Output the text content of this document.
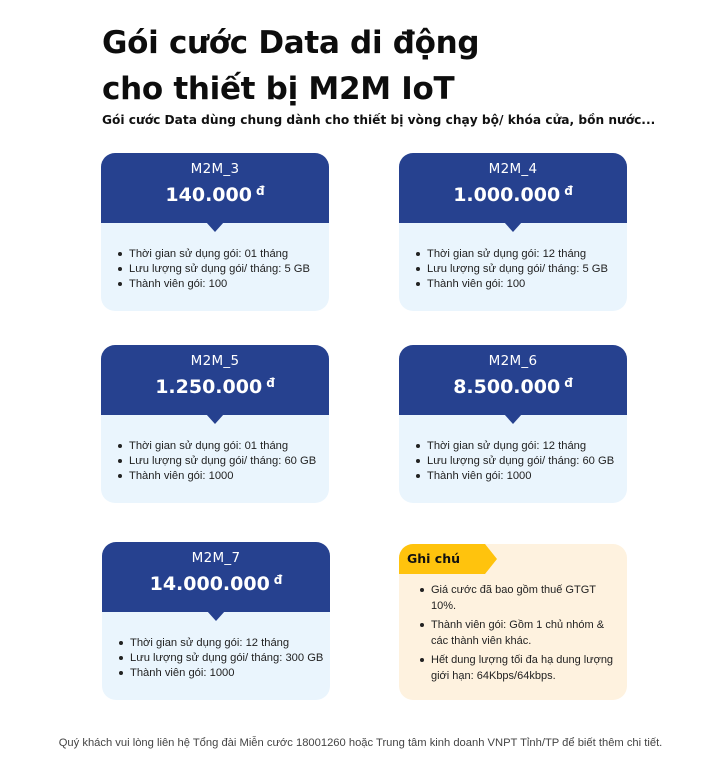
Gói cước Data di động
cho thiết bị M2M IoT

Gói cước Data dùng chung dành cho thiết bị vòng chạy bộ/ khóa cửa, bồn nước...

M2M_3
140.000 $^đ$
Thời gian sử dụng gói: 01 tháng
Lưu lượng sử dụng gói/ tháng: 5 GB
Thành viên gói: 100
M2M_4
1.000.000 $^đ$
Thời gian sử dụng gói: 12 tháng
Lưu lượng sử dụng gói/ tháng: 5 GB
Thành viên gói: 100
M2M_5
1.250.000 $^đ$
Thời gian sử dụng gói: 01 tháng
Lưu lượng sử dụng gói/ tháng: 60 GB
Thành viên gói: 1000
M2M_6
8.500.000 $^đ$
Thời gian sử dụng gói: 12 tháng
Lưu lượng sử dụng gói/ tháng: 60 GB
Thành viên gói: 1000
M2M_7
14.000.000 $^đ$
Thời gian sử dụng gói: 12 tháng
Lưu lượng sử dụng gói/ tháng: 300 GB
Thành viên gói: 1000
Ghi chú
Giá cước đã bao gồm thuế GTGT 10%.
Thành viên gói: Gồm 1 chủ nhóm & các thành viên khác.
Hết dung lượng tối đa hạ dung lượng giới hạn: 64Kbps/64kbps.

Quý khách vui lòng liên hệ Tổng đài Miễn cước 18001260 hoặc Trung tâm kinh doanh VNPT Tỉnh/TP để biết thêm chi tiết.
